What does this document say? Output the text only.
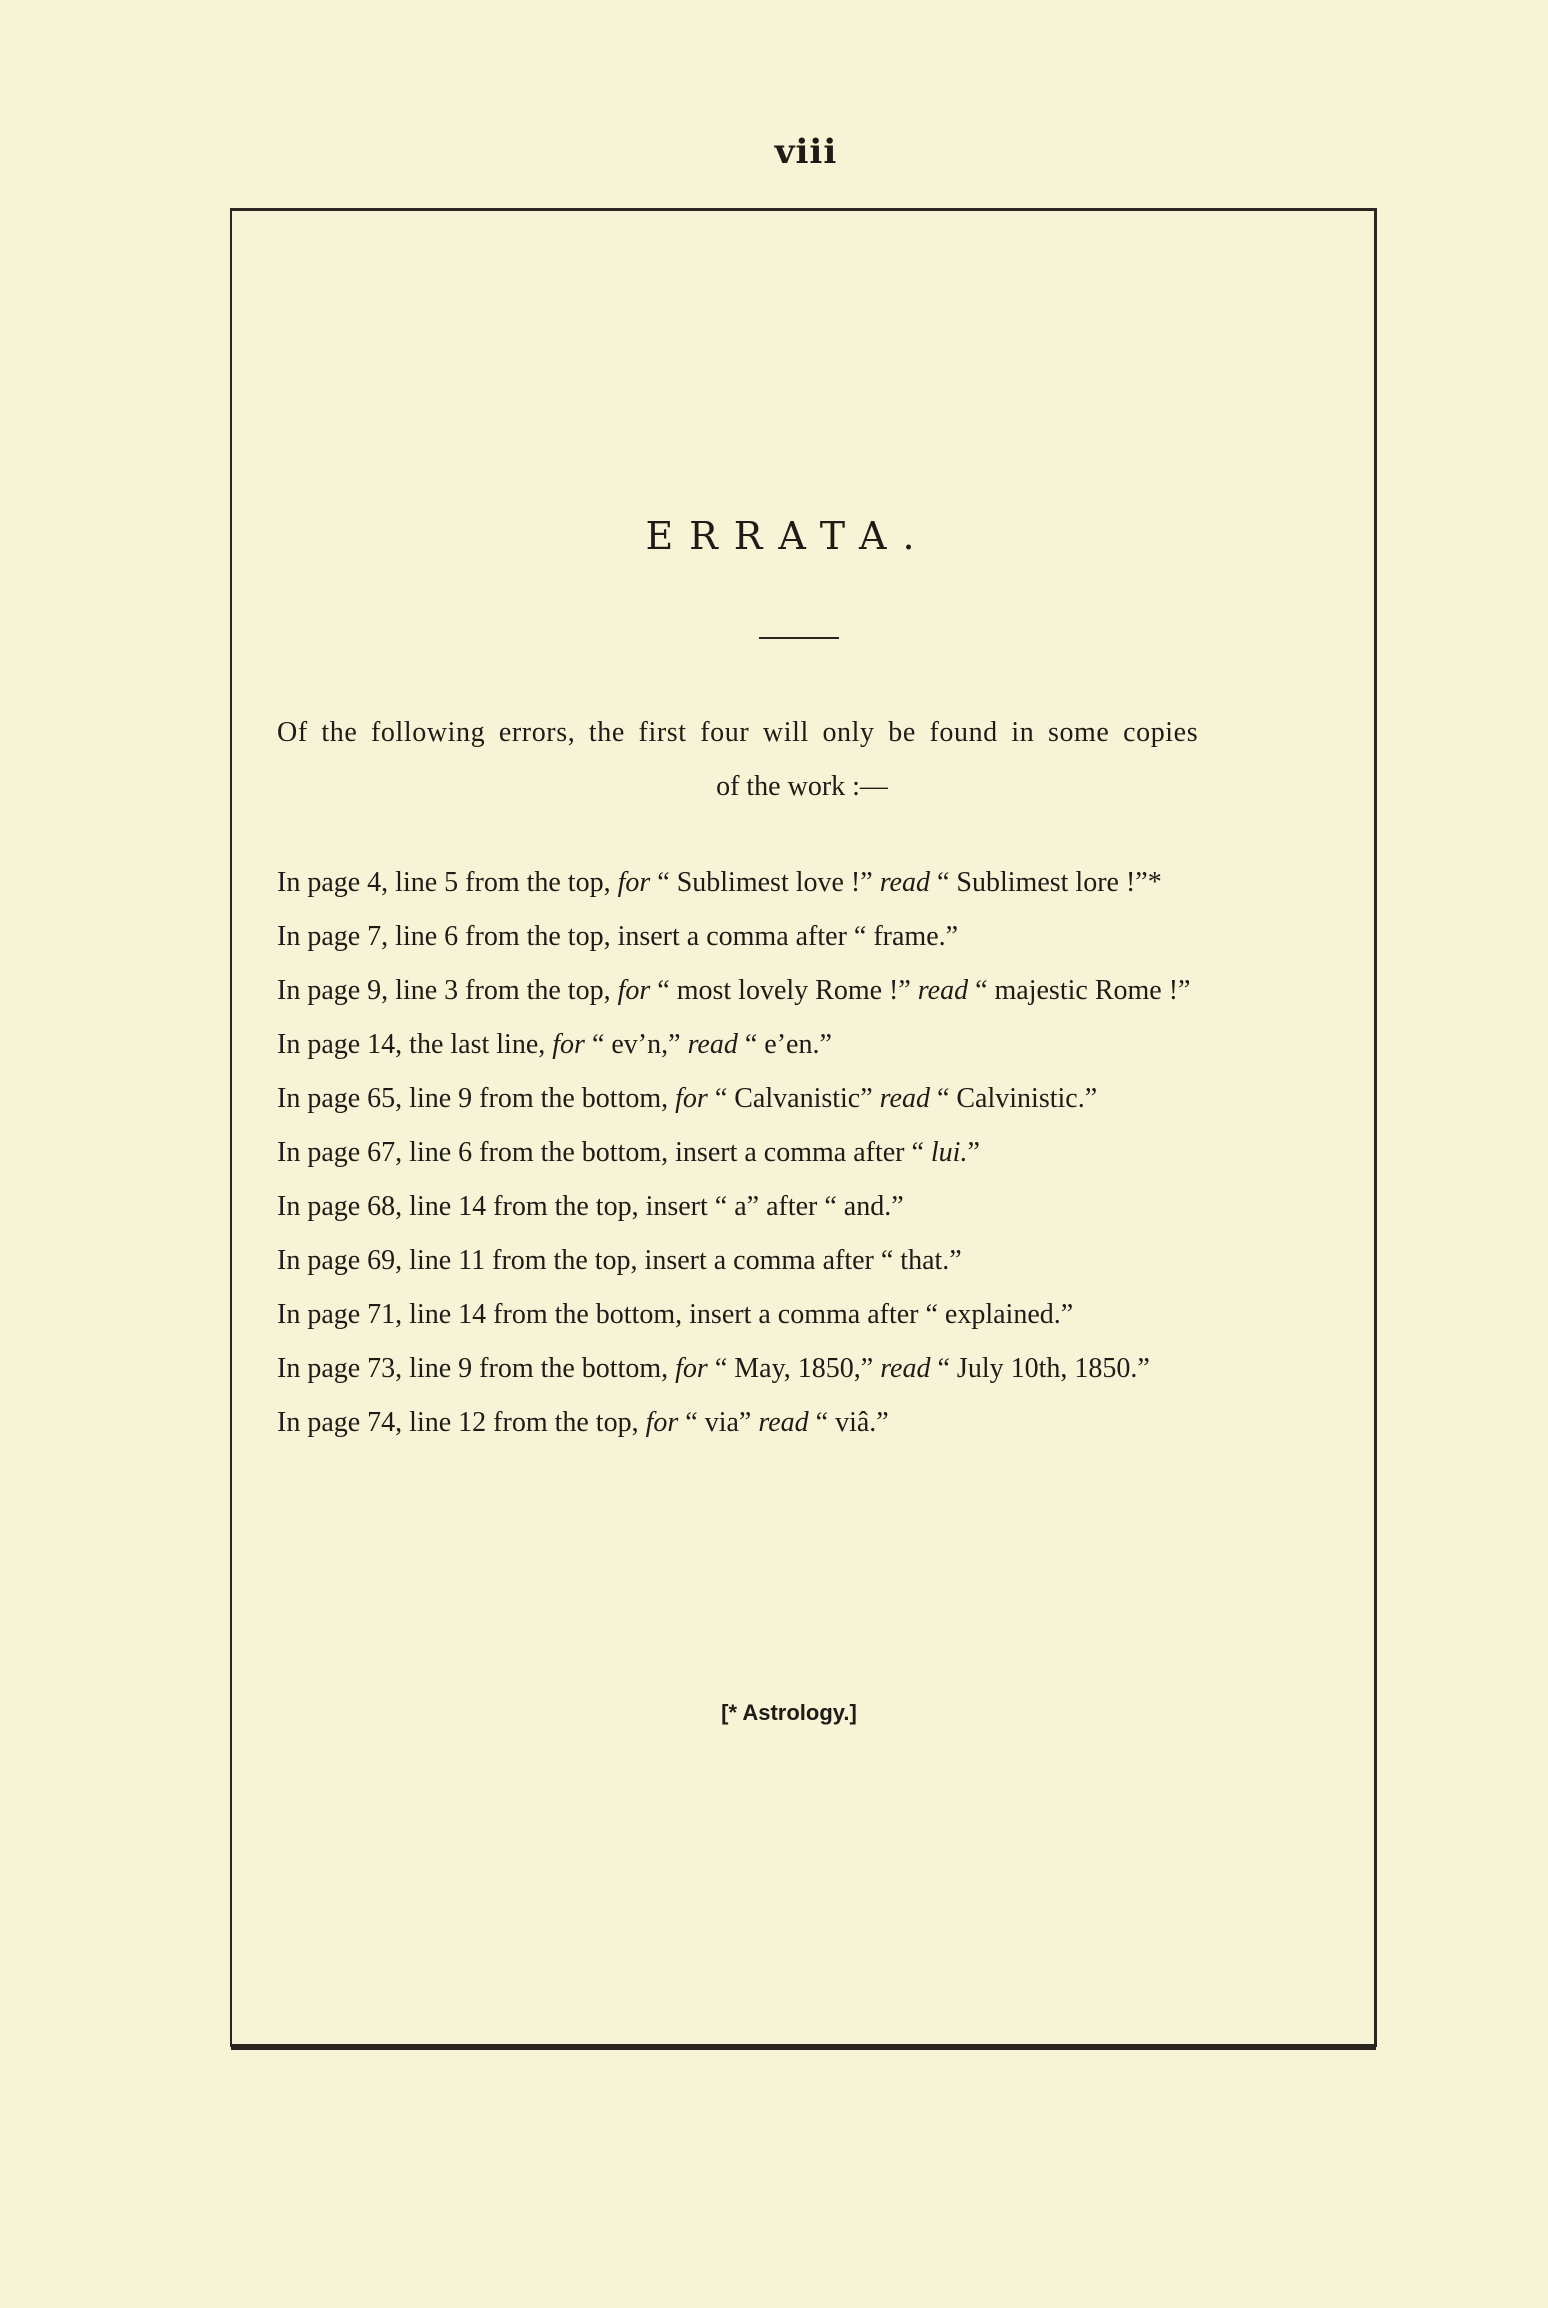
viii
ERRATA.
Of the following errors, the first four will only be found in some copies
of the work :—

In page 4, line 5 from the top, for “ Sublimest love !” read “ Sublimest lore !”*

In page 7, line 6 from the top, insert a comma after “ frame.”

In page 9, line 3 from the top, for “ most lovely Rome !” read “ majestic Rome !”

In page 14, the last line, for “ ev’n,” read “ e’en.”

In page 65, line 9 from the bottom, for “ Calvanistic” read “ Calvinistic.”

In page 67, line 6 from the bottom, insert a comma after “ lui.”

In page 68, line 14 from the top, insert “ a” after “ and.”

In page 69, line 11 from the top, insert a comma after “ that.”

In page 71, line 14 from the bottom, insert a comma after “ explained.”

In page 73, line 9 from the bottom, for “ May, 1850,” read “ July 10th, 1850.”

In page 74, line 12 from the top, for “ via” read “ viâ.”

[* Astrology.]
